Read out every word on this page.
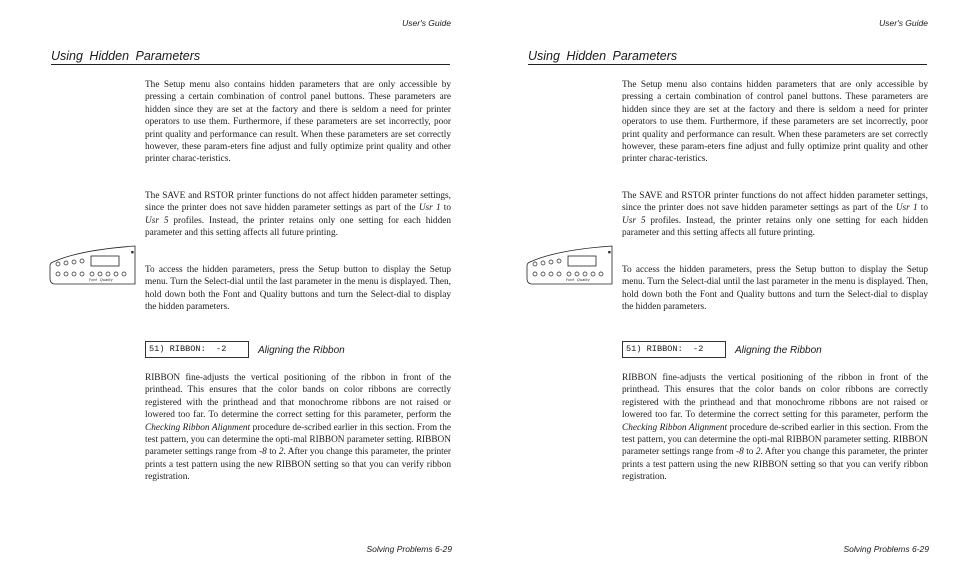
User's Guide
Using Hidden Parameters

The Setup menu also contains hidden parameters that are only accessible by pressing a certain combination of control panel buttons. These parameters are hidden since they are set at the factory and there is seldom a need for printer operators to use them. Furthermore, if these parameters are set incorrectly, poor print quality and performance can result. When these parameters are set correctly however, these param-eters fine adjust and fully optimize print quality and other printer charac-teristics.

The SAVE and RSTOR printer functions do not affect hidden parameter settings, since the printer does not save hidden parameter settings as part of the Usr 1 to Usr 5 profiles. Instead, the printer retains only one setting for each hidden parameter and this setting affects all future printing.

■
Font Quality

To access the hidden parameters, press the Setup button to display the Setup menu. Turn the Select-dial until the last parameter in the menu is displayed. Then, hold down both the Font and Quality buttons and turn the Select-dial to display the hidden parameters.

51) RIBBON:  -2	Aligning the Ribbon

RIBBON fine-adjusts the vertical positioning of the ribbon in front of the printhead. This ensures that the color bands on color ribbons are correctly registered with the printhead and that monochrome ribbons are not raised or lowered too far. To determine the correct setting for this parameter, perform the Checking Ribbon Alignment procedure de-scribed earlier in this section. From the test pattern, you can determine the opti-mal RIBBON parameter setting. RIBBON parameter settings range from -8 to 2. After you change this parameter, the printer prints a test pattern using the new RIBBON setting so that you can verify ribbon registration.

Solving Problems 6-29
User's Guide
Using Hidden Parameters

The Setup menu also contains hidden parameters that are only accessible by pressing a certain combination of control panel buttons. These parameters are hidden since they are set at the factory and there is seldom a need for printer operators to use them. Furthermore, if these parameters are set incorrectly, poor print quality and performance can result. When these parameters are set correctly however, these param-eters fine adjust and fully optimize print quality and other printer charac-teristics.

The SAVE and RSTOR printer functions do not affect hidden parameter settings, since the printer does not save hidden parameter settings as part of the Usr 1 to Usr 5 profiles. Instead, the printer retains only one setting for each hidden parameter and this setting affects all future printing.

■
Font Quality

To access the hidden parameters, press the Setup button to display the Setup menu. Turn the Select-dial until the last parameter in the menu is displayed. Then, hold down both the Font and Quality buttons and turn the Select-dial to display the hidden parameters.

51) RIBBON:  -2	Aligning the Ribbon

RIBBON fine-adjusts the vertical positioning of the ribbon in front of the printhead. This ensures that the color bands on color ribbons are correctly registered with the printhead and that monochrome ribbons are not raised or lowered too far. To determine the correct setting for this parameter, perform the Checking Ribbon Alignment procedure de-scribed earlier in this section. From the test pattern, you can determine the opti-mal RIBBON parameter setting. RIBBON parameter settings range from -8 to 2. After you change this parameter, the printer prints a test pattern using the new RIBBON setting so that you can verify ribbon registration.

Solving Problems 6-29
